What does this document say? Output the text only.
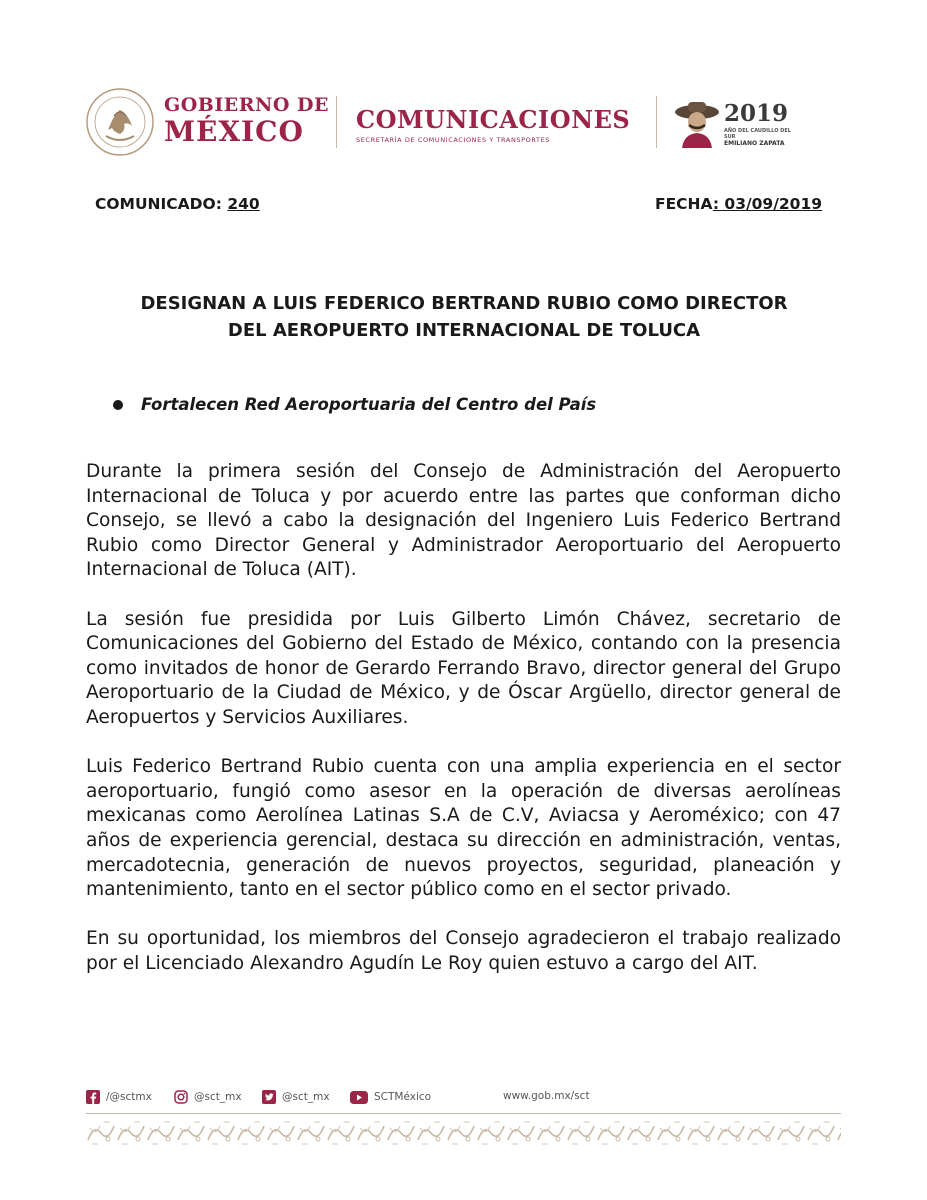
GOBIERNO DE
MÉXICO	COMUNICACIONES
SECRETARÍA DE COMUNICACIONES Y TRANSPORTES
2019
AÑO DEL CAUDILLO DEL SUR
EMILIANO ZAPATA
COMUNICADO: 240	FECHA: 03/09/2019
DESIGNAN A LUIS FEDERICO BERTRAND RUBIO COMO DIRECTOR
DEL AEROPUERTO INTERNACIONAL DE TOLUCA
Fortalecen Red Aeroportuaria del Centro del País

Durante la primera sesión del Consejo de Administración del Aeropuerto Internacional de Toluca y por acuerdo entre las partes que conforman dicho Consejo, se llevó a cabo la designación del Ingeniero Luis Federico Bertrand Rubio como Director General y Administrador Aeroportuario del Aeropuerto Internacional de Toluca (AIT).

La sesión fue presidida por Luis Gilberto Limón Chávez, secretario de Comunicaciones del Gobierno del Estado de México, contando con la presencia como invitados de honor de Gerardo Ferrando Bravo, director general del Grupo Aeroportuario de la Ciudad de México, y de Óscar Argüello, director general de Aeropuertos y Servicios Auxiliares.

Luis Federico Bertrand Rubio cuenta con una amplia experiencia en el sector aeroportuario, fungió como asesor en la operación de diversas aerolíneas mexicanas como Aerolínea Latinas S.A de C.V, Aviacsa y Aeroméxico; con 47 años de experiencia gerencial, destaca su dirección en administración, ventas, mercadotecnia, generación de nuevos proyectos, seguridad, planeación y mantenimiento, tanto en el sector público como en el sector privado.

En su oportunidad, los miembros del Consejo agradecieron el trabajo realizado por el Licenciado Alexandro Agudín Le Roy quien estuvo a cargo del AIT.

/@sctmx	@sct_mx	@sct_mx	SCTMéxico	www.gob.mx/sct
